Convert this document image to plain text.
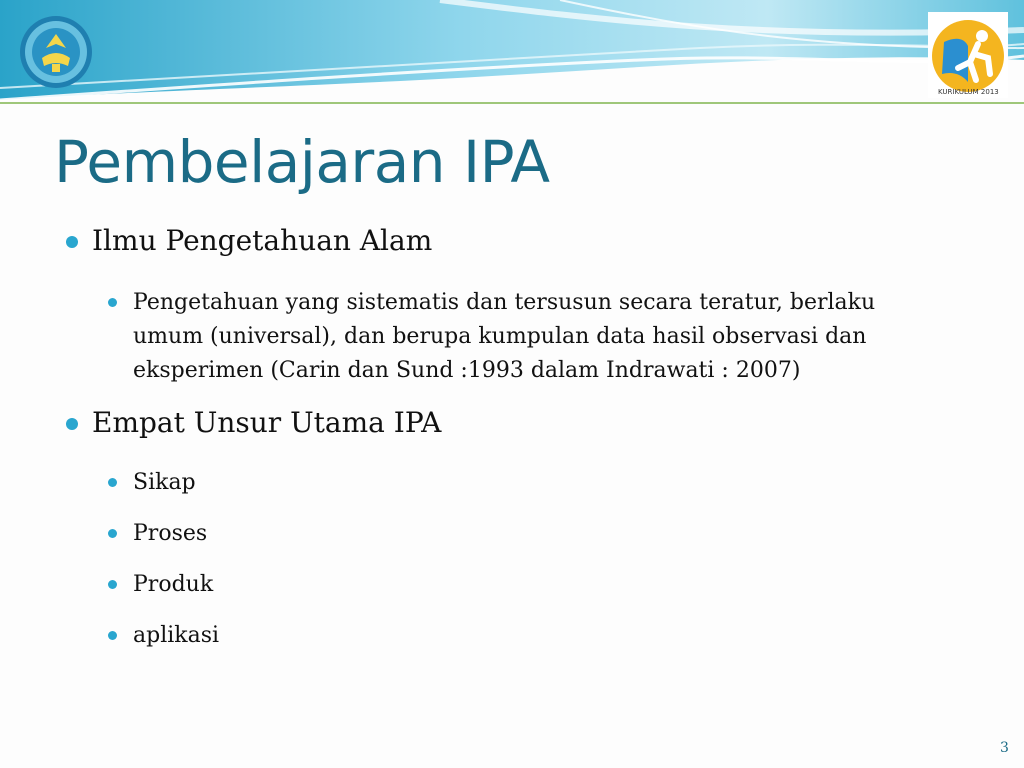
KURIKULUM 2013
Pembelajaran IPA
Ilmu Pengetahuan Alam
Pengetahuan yang sistematis dan tersusun secara teratur, berlaku umum (universal), dan berupa kumpulan data hasil observasi dan eksperimen (Carin dan Sund :1993 dalam Indrawati : 2007)
Empat Unsur Utama IPA
Sikap
Proses
Produk
aplikasi
3
